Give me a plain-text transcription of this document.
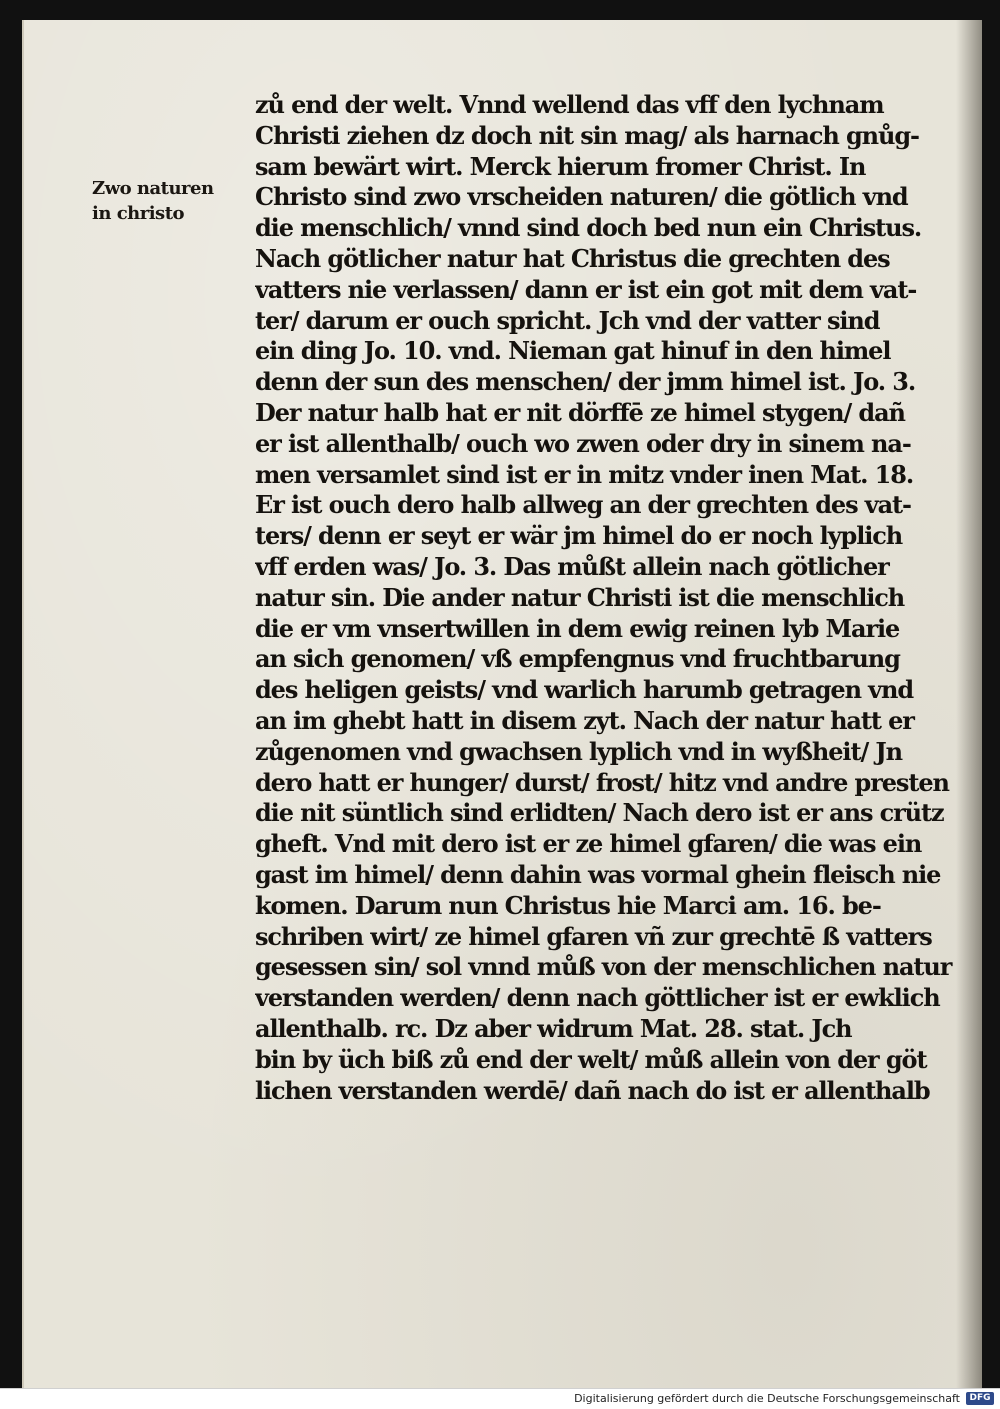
Zwo naturen
in christo
zů end der welt. Vnnd wellend das vff den lychnam
Christi ziehen dz doch nit sin mag/ als harnach gnůg-
sam bewärt wirt. Merck hierum fromer Christ. In
Christo sind zwo vrscheiden naturen/ die götlich vnd
die menschlich/ vnnd sind doch bed nun ein Christus.
Nach götlicher natur hat Christus die grechten des
vatters nie verlassen/ dann er ist ein got mit dem vat-
ter/ darum er ouch spricht. Jch vnd der vatter sind
ein ding Jo. 10. vnd. Nieman gat hinuf in den himel
denn der sun des menschen/ der jmm himel ist. Jo. 3.
Der natur halb hat er nit dörffē ze himel stygen/ dañ
er ist allenthalb/ ouch wo zwen oder dry in sinem na-
men versamlet sind ist er in mitz vnder inen Mat. 18.
Er ist ouch dero halb allweg an der grechten des vat-
ters/ denn er seyt er wär jm himel do er noch lyplich
vff erden was/ Jo. 3. Das můßt allein nach götlicher
natur sin. Die ander natur Christi ist die menschlich
die er vm vnsertwillen in dem ewig reinen lyb Marie
an sich genomen/ vß empfengnus vnd fruchtbarung
des heligen geists/ vnd warlich harumb getragen vnd
an im ghebt hatt in disem zyt. Nach der natur hatt er
zůgenomen vnd gwachsen lyplich vnd in wyßheit/ Jn
dero hatt er hunger/ durst/ frost/ hitz vnd andre presten
die nit süntlich sind erlidten/ Nach dero ist er ans crütz
gheft. Vnd mit dero ist er ze himel gfaren/ die was ein
gast im himel/ denn dahin was vormal ghein fleisch nie
komen. Darum nun Christus hie Marci am. 16. be-
schriben wirt/ ze himel gfaren vñ zur grechtē ß vatters
gesessen sin/ sol vnnd můß von der menschlichen natur
verstanden werden/ denn nach göttlicher ist er ewklich
allenthalb. rc. Dz aber widrum Mat. 28. stat. Jch
bin by üch biß zů end der welt/ můß allein von der göt
lichen verstanden werdē/ dañ nach do ist er allenthalb
Digitalisierung gefördert durch die Deutsche Forschungsgemeinschaft	DFG
